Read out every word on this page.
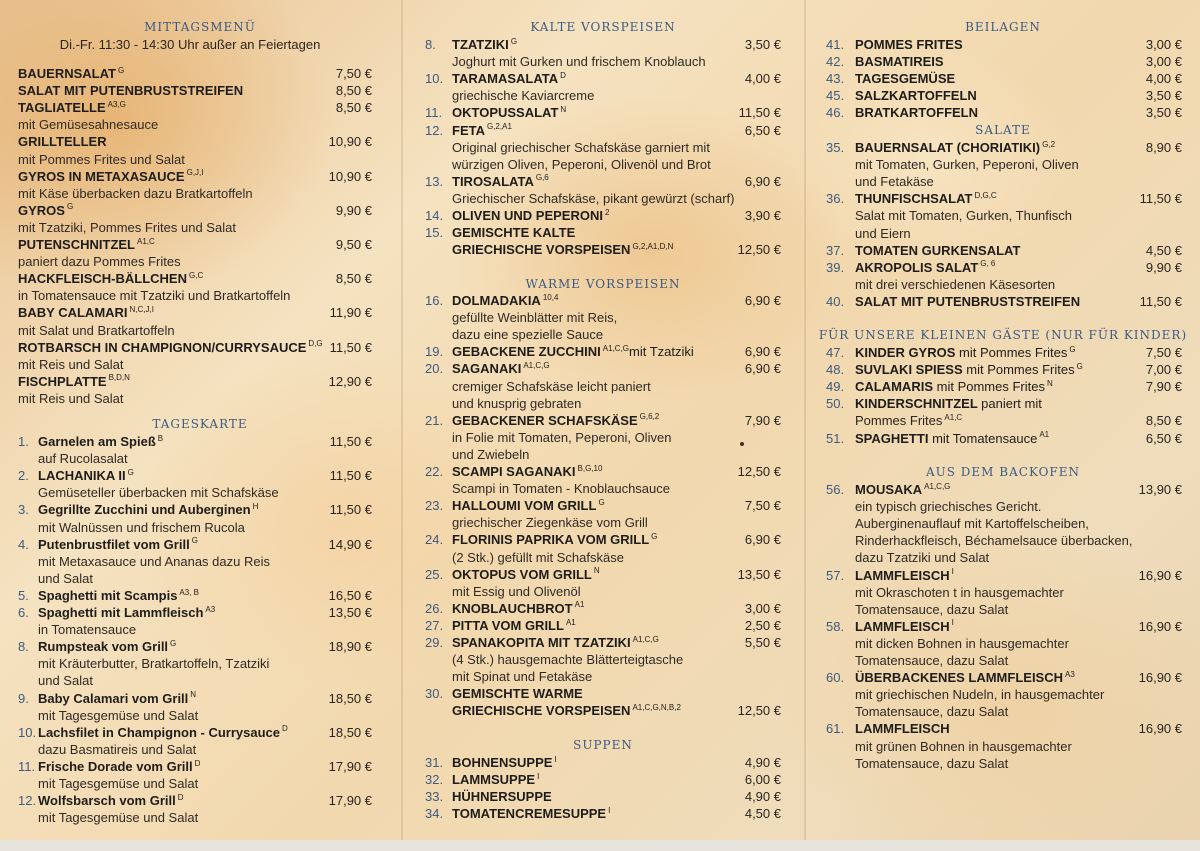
MITTAGSMENÜ
Di.-Fr. 11:30 - 14:30 Uhr außer an Feiertagen
BAUERNSALAT $^G$	7,50 €
SALAT MIT PUTENBRUSTSTREIFEN	8,50 €
TAGLIATELLE $^{A3,G}$	8,50 €
mit Gemüsesahnesauce
GRILLTELLER	10,90 €
mit Pommes Frites und Salat
GYROS IN METAXASAUCE $^{G,J,I}$	10,90 €
mit Käse überbacken dazu Bratkartoffeln
GYROS $^G$	9,90 €
mit Tzatziki, Pommes Frites und Salat
PUTENSCHNITZEL $^{A1,C}$	9,50 €
paniert dazu Pommes Frites
HACKFLEISCH-BÄLLCHEN $^{G,C}$	8,50 €
in Tomatensauce mit Tzatziki und Bratkartoffeln
BABY CALAMARI $^{N,C,J,I}$	11,90 €
mit Salat und Bratkartoffeln
ROTBARSCH IN CHAMPIGNON/CURRYSAUCE $^{D,G}$ 11,50 €
mit Reis und Salat
FISCHPLATTE $^{B,D,N}$	12,90 €
mit Reis und Salat
TAGESKARTE
1. Garnelen am Spieß $^B$	11,50 €
auf Rucolasalat
2. LACHANIKA II $^G$	11,50 €
Gemüseteller überbacken mit Schafskäse
3. Gegrillte Zucchini und Auberginen $^H$	11,50 €
mit Walnüssen und frischem Rucola
4. Putenbrustfilet vom Grill $^G$	14,90 €
mit Metaxasauce und Ananas dazu Reis
und Salat
5. Spaghetti mit Scampis $^{A3, B}$	16,50 €
6. Spaghetti mit Lammfleisch $^{A3}$	13,50 €
in Tomatensauce
8. Rumpsteak vom Grill $^G$	18,90 €
mit Kräuterbutter, Bratkartoffeln, Tzatziki
und Salat
9. Baby Calamari vom Grill $^N$	18,50 €
mit Tagesgemüse und Salat
10. Lachsfilet in Champignon - Currysauce $^D$	18,50 €
dazu Basmatireis und Salat
11. Frische Dorade vom Grill $^D$	17,90 €
mit Tagesgemüse und Salat
12. Wolfsbarsch vom Grill $^D$	17,90 €
mit Tagesgemüse und Salat
KALTE VORSPEISEN
8. TZATZIKI $^G$	3,50 €
Joghurt mit Gurken und frischem Knoblauch
10. TARAMASALATA $^D$	4,00 €
griechische Kaviarcreme
11. OKTOPUSSALAT $^N$	11,50 €
12. FETA $^{G,2,A1}$	6,50 €
Original griechischer Schafskäse garniert mit
würzigen Oliven, Peperoni, Olivenöl und Brot
13. TIROSALATA $^{G,6}$	6,90 €
Griechischer Schafskäse, pikant gewürzt (scharf)
14. OLIVEN UND PEPERONI $^2$	3,90 €
15. GEMISCHTE KALTE
GRIECHISCHE VORSPEISEN $^{G,2,A1,D,N}$	12,50 €
WARME VORSPEISEN
16. DOLMADAKIA $^{10,4}$	6,90 €
gefüllte Weinblätter mit Reis,
dazu eine spezielle Sauce
19. GEBACKENE ZUCCHINI $^{A1,C,G}$mit Tzatziki	6,90 €
20. SAGANAKI $^{A1,C,G}$	6,90 €
cremiger Schafskäse leicht paniert
und knusprig gebraten
21. GEBACKENER SCHAFSKÄSE $^{G,6,2}$	7,90 €
in Folie mit Tomaten, Peperoni, Oliven
und Zwiebeln
22. SCAMPI SAGANAKI $^{B,G,10}$	12,50 €
Scampi in Tomaten - Knoblauchsauce
23. HALLOUMI VOM GRILL $^G$	7,50 €
griechischer Ziegenkäse vom Grill
24. FLORINIS PAPRIKA VOM GRILL $^G$	6,90 €
(2 Stk.) gefüllt mit Schafskäse
25. OKTOPUS VOM GRILL $^N$	13,50 €
mit Essig und Olivenöl
26. KNOBLAUCHBROT $^{A1}$	3,00 €
27. PITTA VOM GRILL $^{A1}$	2,50 €
29. SPANAKOPITA MIT TZATZIKI $^{A1,C,G}$	5,50 €
(4 Stk.) hausgemachte Blätterteigtasche
mit Spinat und Fetakäse
30. GEMISCHTE WARME
GRIECHISCHE VORSPEISEN $^{A1,C,G,N,B,2}$	12,50 €
SUPPEN
31. BOHNENSUPPE $^I$	4,90 €
32. LAMMSUPPE $^I$	6,00 €
33. HÜHNERSUPPE	4,90 €
34. TOMATENCREMESUPPE $^I$	4,50 €
BEILAGEN
41. POMMES FRITES	3,00 €
42. BASMATIREIS	3,00 €
43. TAGESGEMÜSE	4,00 €
45. SALZKARTOFFELN	3,50 €
46. BRATKARTOFFELN	3,50 €
SALATE
35. BAUERNSALAT (CHORIATIKI) $^{G,2}$	8,90 €
mit Tomaten, Gurken, Peperoni, Oliven
und Fetakäse
36. THUNFISCHSALAT $^{D,G,C}$	11,50 €
Salat mit Tomaten, Gurken, Thunfisch
und Eiern
37. TOMATEN GURKENSALAT	4,50 €
39. AKROPOLIS SALAT $^{G, 6}$	9,90 €
mit drei verschiedenen Käsesorten
40. SALAT MIT PUTENBRUSTSTREIFEN	11,50 €
FÜR UNSERE KLEINEN GÄSTE (NUR FÜR KINDER)
47. KINDER GYROS mit Pommes Frites $^G$	7,50 €
48. SUVLAKI SPIESS mit Pommes Frites $^G$	7,00 €
49. CALAMARIS mit Pommes Frites $^N$	7,90 €
50. KINDERSCHNITZEL paniert mit
Pommes Frites $^{A1,C}$	8,50 €
51. SPAGHETTI mit Tomatensauce $^{A1}$	6,50 €
AUS DEM BACKOFEN
56. MOUSAKA $^{A1,C,G}$	13,90 €
ein typisch griechisches Gericht.
Auberginenauflauf mit Kartoffelscheiben,
Rinderhackfleisch, Béchamelsauce überbacken,
dazu Tzatziki und Salat
57. LAMMFLEISCH $^I$	16,90 €
mit Okraschoten t in hausgemachter
Tomatensauce, dazu Salat
58. LAMMFLEISCH $^I$	16,90 €
mit dicken Bohnen in hausgemachter
Tomatensauce, dazu Salat
60. ÜBERBACKENES LAMMFLEISCH $^{A3}$	16,90 €
mit griechischen Nudeln, in hausgemachter
Tomatensauce, dazu Salat
61. LAMMFLEISCH	16,90 €
mit grünen Bohnen in hausgemachter
Tomatensauce, dazu Salat
